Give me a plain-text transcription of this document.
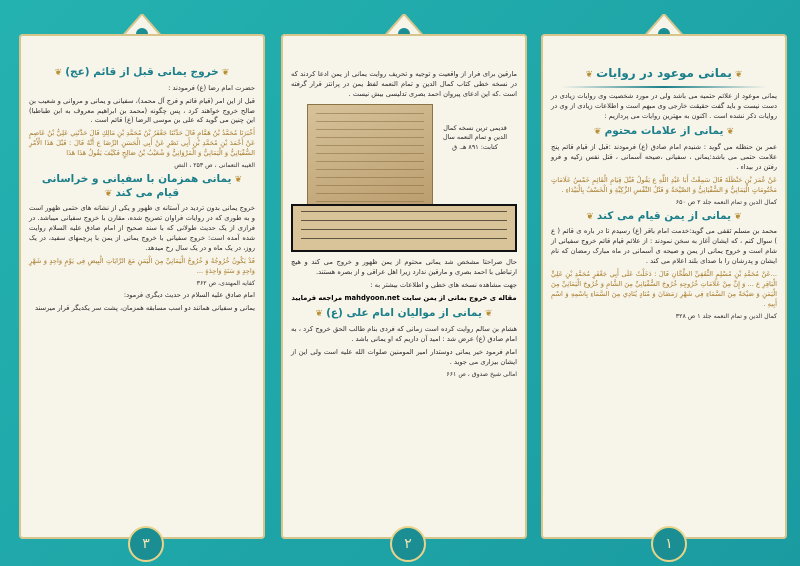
❦ یمانی موعود در روایات ❦

یمانی موعود از علائم حتمیه می باشد ولی در مورد شخصیت وی روایات زیادی در دست نیست و باید گفت حقیقت خارجی وی مبهم است و اطلاعات زیادی از وی در روایات ذکر نشده است . اکنون به مهترین روایات می پردازیم :

❦ یمانی از علامات محتوم ❦

عمر بن حنظله می گوید : شنیدم امام صادق (ع) فرمودند :قبل از قیام قائم پنج علامت حتمی می باشد:یمانی ، سفیانی ،صیحه آسمانی ، قتل نفس زکیه و فرو رفتن در بیداء .

عَنْ عُمَرَ بْنِ حَنْظَلَةَ قَالَ سَمِعْتُ أَبَا عَبْدِ اللَّهِ ع يَقُولُ قَبْلَ قِيَامِ الْقَائِمِ خَمْسُ عَلَامَاتٍ مَحْتُومَاتٍ الْيَمَانِيُّ وَ السُّفْيَانِيُّ وَ الصَّيْحَةُ وَ قَتْلُ النَّفْسِ الزَّكِيَّةِ وَ الْخَسْفُ بِالْبَيْدَاءِ .

کمال الدین و تمام النعمه جلد ۲ ص ۶۵۰

❦ یمانی از یمن قیام می کند ❦

محمد بن مسلم ثقفی می گوید:خدمت امام باقر (ع) رسیدم تا در باره ی قائم ( ع ) سوال کنم ، که ایشان آغاز به سخن نمودند : از علائم قیام قائم خروج سفیانی از شام است و خروج یمانی از یمن و صیحه ی آسمانی در ماه مبارک رمضان که نام ایشان و پدرشان را با صدای بلند اعلام می کند .

...عَنْ مُحَمَّدِ بْنِ مُسْلِمٍ الثَّقَفِيِّ الطَّحَّانِ قَالَ : دَخَلْتُ عَلَى أَبِي جَعْفَرٍ مُحَمَّدِ بْنِ عَلِيٍّ الْبَاقِرِ ع ... وَ إِنَّ مِنْ عَلَامَاتِ خُرُوجِهِ خُرُوجَ السُّفْيَانِيِّ مِنَ الشَّامِ وَ خُرُوجَ الْيَمَانِيِّ مِنَ الْيَمَنِ وَ صَيْحَةً مِنَ السَّمَاءِ فِي شَهْرِ رَمَضَانَ وَ مُنَادٍ يُنَادِي مِنَ السَّمَاءِ بِاسْمِهِ وَ اسْمِ أَبِيهِ .

کمال الدین و تمام النعمه جلد ۱ ص ۳۲۸

مارقین برای فرار از واقعیت و توجیه و تحریف روایت یمانی از یمن ادعا کردند که در نسخه خطی کتاب کمال الدین و تمام النعمه لفظ یمن در پرانتز قرار گرفته است .که این ادعای پیروان احمد بصری تدلیسی بیش نیست .

قدیمی ترین نسخه کمال الدین و تمام النعمه سال کتابت: ۸۹۱ هـ. ق

حال صراحتا مشخص شد یمانی محتوم از یمن ظهور و خروج می کند و هیچ ارتباطی با احمد بصری و مارقین ندارد زیرا اهل عراقی و از بصره هستند.

جهت مشاهده نسخه های خطی و اطلاعات بیشتر به :

مقاله ی خروج یمانی از یمن سایت mahdyoon.net مراجعه فرمایید

❦ یمانی از موالیان امام علی (ع) ❦

هشام بن سالم روایت کرده است زمانی که فردی بنام طالب الحق خروج کرد ، به امام صادق (ع) عرض شد : امید آن داریم که او یمانی باشد .

امام فرمود خیر یمانی دوستدار امیر المومنین صلوات الله علیه است ولی این از ایشان بیزاری می جوید .

امالی شیخ صدوق ، ص ۶۶۱

❦ خروج یمانی قبل از قائم (عج) ❦

حضرت امام رضا (ع) فرمودند :

قبل از این امر (قیام قائم و فرج آل محمد)، سفیانی و یمانی و مروانی و شعیب بن صالح خروج خواهند کرد ، پس چگونه (محمد بن ابراهیم معروف به ابن طباطبا) این چنین می گوید که علی بن موسی الرضا (ع) قائم است .

أَخْبَرَنَا مُحَمَّدُ بْنُ هَمَّامٍ قَالَ حَدَّثَنَا جَعْفَرُ بْنُ مُحَمَّدِ بْنِ مَالِكٍ قَالَ حَدَّثَنِي عَلِيُّ بْنُ عَاصِمٍ عَنْ أَحْمَدَ بْنِ مُحَمَّدِ بْنِ أَبِي نَصْرٍ عَنْ أَبِي الْحَسَنِ الرِّضَا ع أَنَّهُ قَالَ : قَبْلَ هَذَا الْأَمْرِ السُّفْيَانِيُّ وَ الْيَمَانِيُّ وَ الْمَرْوَانِيُّ وَ شُعَيْبُ بْنُ صَالِحٍ فَكَيْفَ يَقُولُ هَذَا هَذَا

الغیبه النعمانی ، ص ۲۵۳ ، النص

❦ یمانی همزمان با سفیانی و خراسانی قیام می کند ❦

خروج یمانی بدون تردید در آستانه ی ظهور و یکی از نشانه های حتمی ظهور است و به طوری که در روایات فراوان تصریح شده، مقارن با خروج سفیانی میباشد. در فرازی از یک حدیث طولانی که با سند صحیح از امام صادق علیه السلام روایت شده آمده است: خروج سفیانی با خروج یمانی از یمن با پرچمهای سفید، در یک روز، در یک ماه و در یک سال رخ میدهد.

قَدْ يَكُونُ خُرُوجُهُ وَ خُرُوجُ الْيَمَانِيِّ مِنَ الْيَمَنِ مَعَ الرَّايَاتِ الْبِيضِ فِي يَوْمٍ وَاحِدٍ وَ شَهْرٍ وَاحِدٍ وَ سَنَةٍ وَاحِدَةٍ ...

کفایه المهتدی، ص ۳۶۲

امام صادق علیه السلام در حدیث دیگری فرمود:

یمانی و سفیانی همانند دو اسب مسابقه همزمان، پشت سر یکدیگر قرار میرسند

۱
۲
۳
